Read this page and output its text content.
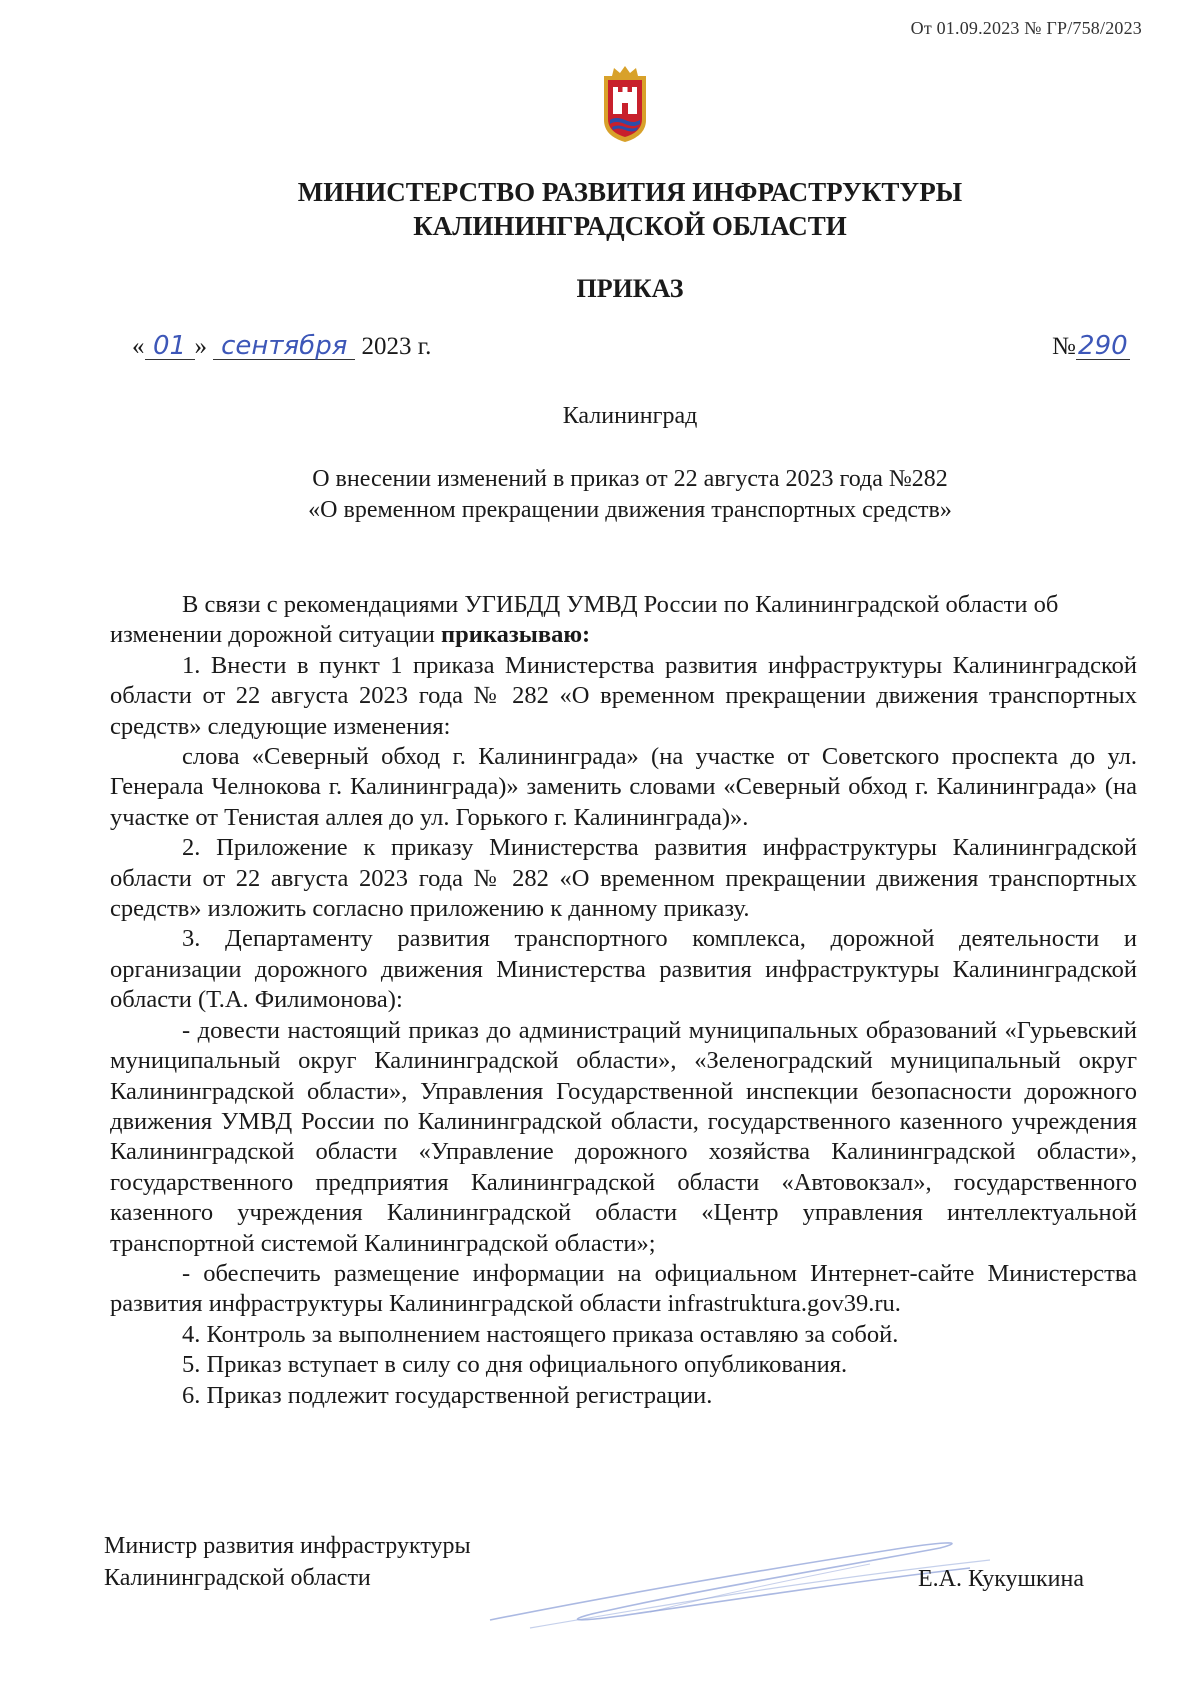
От 01.09.2023 № ГР/758/2023
МИНИСТЕРСТВО РАЗВИТИЯ ИНФРАСТРУКТУРЫ
КАЛИНИНГРАДСКОЙ ОБЛАСТИ
ПРИКАЗ
« 01 » сентября 2023 г.	№290
Калининград
О внесении изменений в приказ от 22 августа 2023 года №282
«О временном прекращении движения транспортных средств»

В связи с рекомендациями УГИБДД УМВД России по Калининградской области об изменении дорожной ситуации приказываю:

1. Внести в пункт 1 приказа Министерства развития инфраструктуры Калининградской области от 22 августа 2023 года № 282 «О временном прекращении движения транспортных средств» следующие изменения:

слова «Северный обход г. Калининграда» (на участке от Советского проспекта до ул. Генерала Челнокова г. Калининграда)» заменить словами «Северный обход г. Калининграда» (на участке от Тенистая аллея до ул. Горького г. Калининграда)».

2. Приложение к приказу Министерства развития инфраструктуры Калининградской области от 22 августа 2023 года № 282 «О временном прекращении движения транспортных средств» изложить согласно приложению к данному приказу.

3. Департаменту развития транспортного комплекса, дорожной деятельности и организации дорожного движения Министерства развития инфраструктуры Калининградской области (Т.А. Филимонова):

- довести настоящий приказ до администраций муниципальных образований «Гурьевский муниципальный округ Калининградской области», «Зеленоградский муниципальный округ Калининградской области», Управления Государственной инспекции безопасности дорожного движения УМВД России по Калининградской области, государственного казенного учреждения Калининградской области «Управление дорожного хозяйства Калининградской области», государственного предприятия Калининградской области «Автовокзал», государственного казенного учреждения Калининградской области «Центр управления интеллектуальной транспортной системой Калининградской области»;

- обеспечить размещение информации на официальном Интернет-сайте Министерства развития инфраструктуры Калининградской области infrastruktura.gov39.ru.

4. Контроль за выполнением настоящего приказа оставляю за собой.

5. Приказ вступает в силу со дня официального опубликования.

6. Приказ подлежит государственной регистрации.

Министр развития инфраструктуры
Калининградской области	Е.А. Кукушкина
